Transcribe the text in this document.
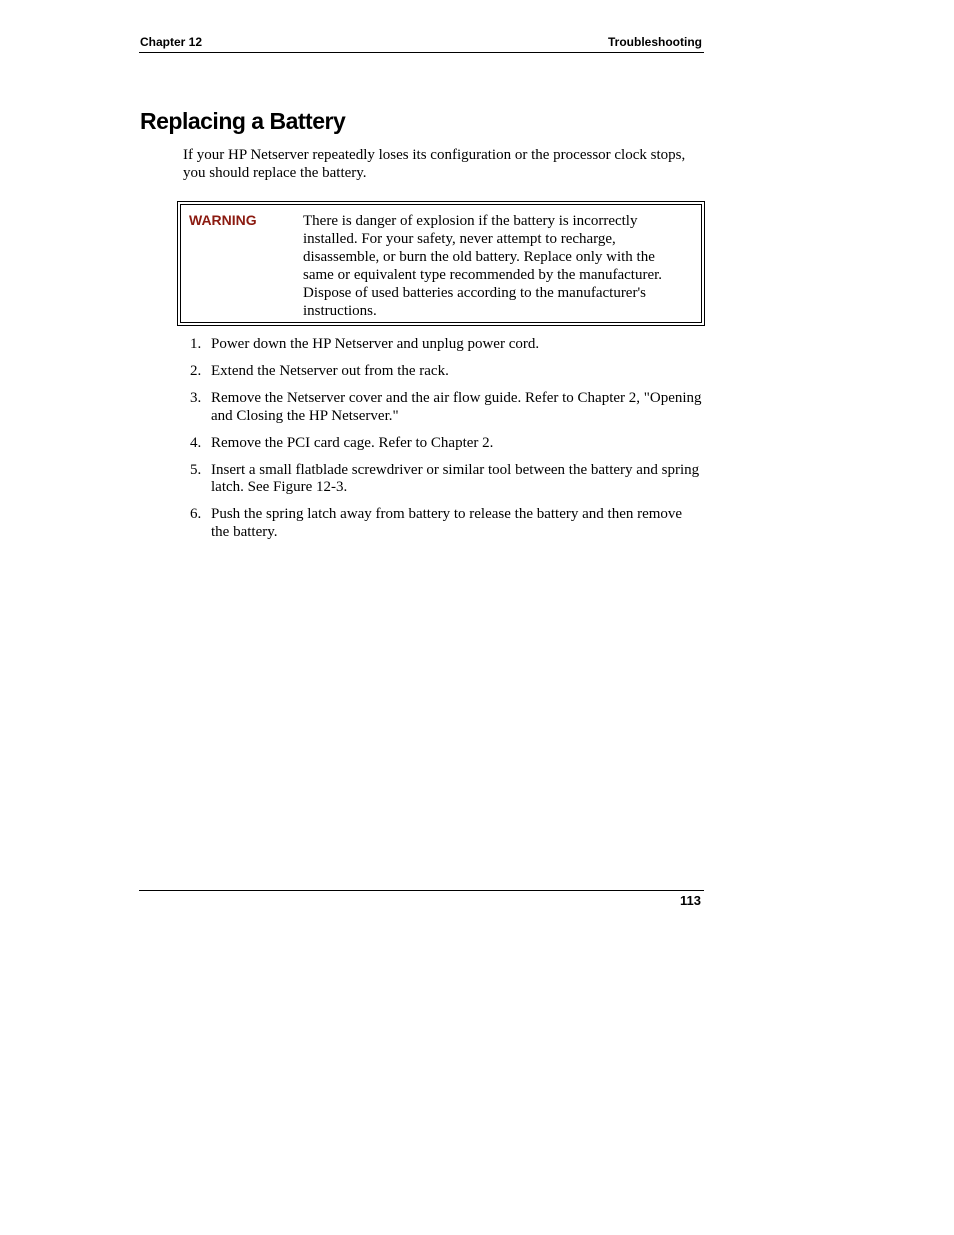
Chapter 12	Troubleshooting
Replacing a Battery

If your HP Netserver repeatedly loses its configuration or the processor clock stops, you should replace the battery.

WARNING	There is danger of explosion if the battery is incorrectly installed. For your safety, never attempt to recharge, disassemble, or burn the old battery. Replace only with the same or equivalent type recommended by the manufacturer. Dispose of used batteries according to the manufacturer's instructions.
1. Power down the HP Netserver and unplug power cord.
2. Extend the Netserver out from the rack.
3. Remove the Netserver cover and the air flow guide. Refer to Chapter 2, "Opening and Closing the HP Netserver."
4. Remove the PCI card cage. Refer to Chapter 2.
5. Insert a small flatblade screwdriver or similar tool between the battery and spring latch. See Figure 12-3.
6. Push the spring latch away from battery to release the battery and then remove the battery.
113
